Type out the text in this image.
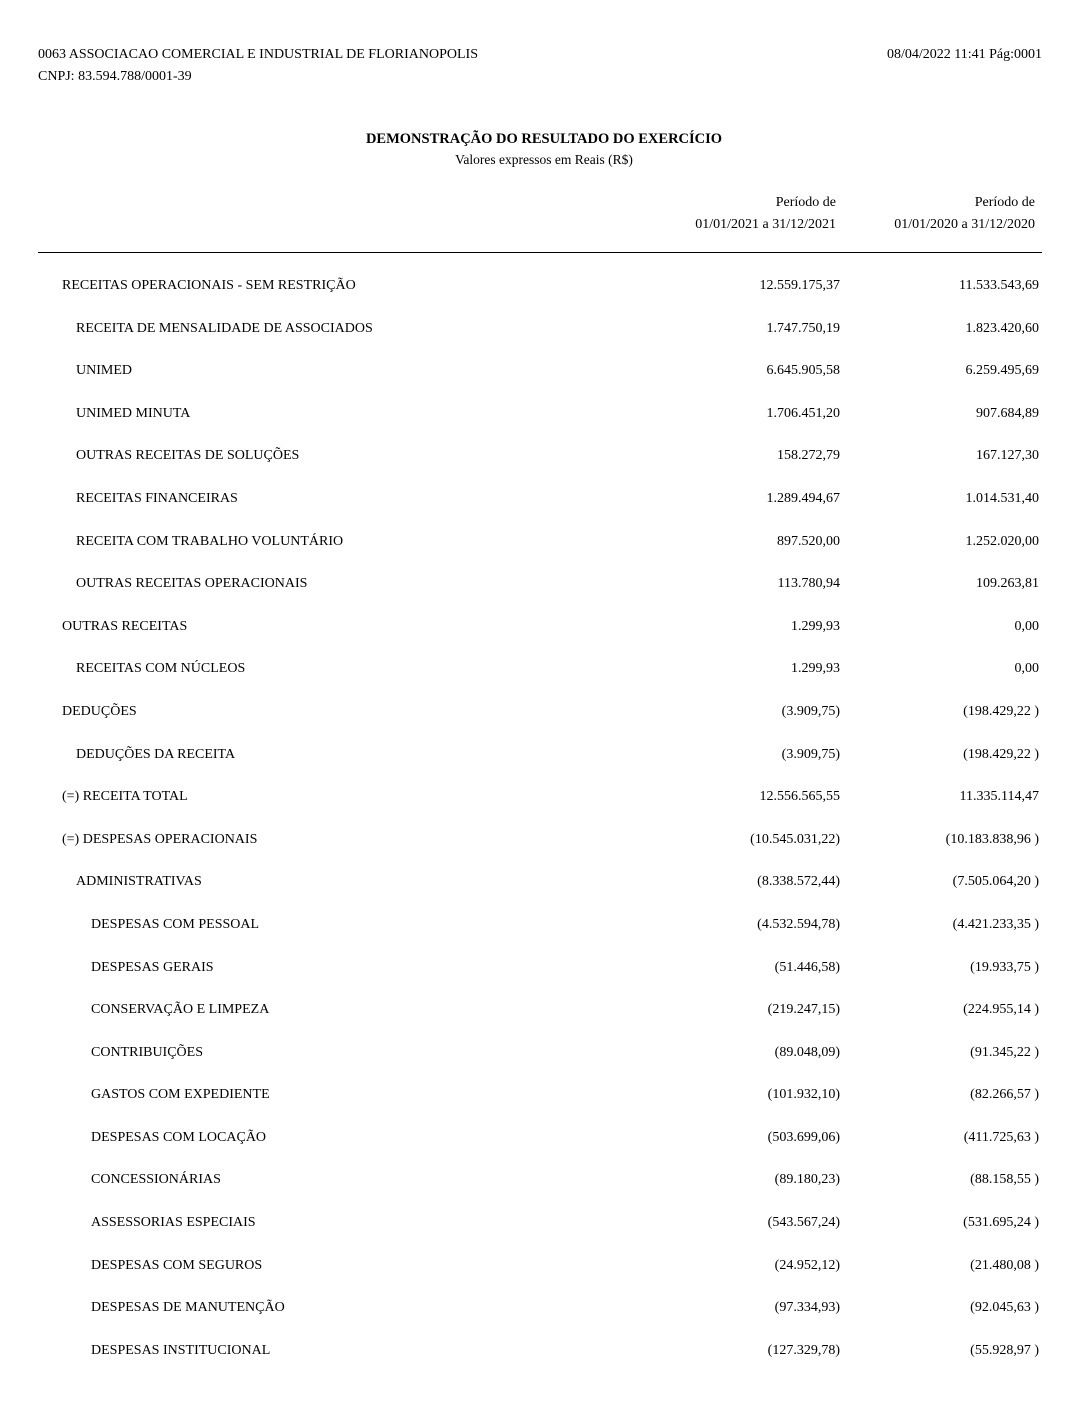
0063 ASSOCIACAO COMERCIAL E INDUSTRIAL DE FLORIANOPOLIS
CNPJ: 83.594.788/0001-39
08/04/2022 11:41 Pág:0001
DEMONSTRAÇÃO DO RESULTADO DO EXERCÍCIO
Valores expressos em Reais (R$)
Período de
01/01/2021 a 31/12/2021
Período de
01/01/2020 a 31/12/2020
RECEITAS OPERACIONAIS - SEM RESTRIÇÃO	12.559.175,37	11.533.543,69
RECEITA DE MENSALIDADE DE ASSOCIADOS	1.747.750,19	1.823.420,60
UNIMED	6.645.905,58	6.259.495,69
UNIMED MINUTA	1.706.451,20	907.684,89
OUTRAS RECEITAS DE SOLUÇÕES	158.272,79	167.127,30
RECEITAS FINANCEIRAS	1.289.494,67	1.014.531,40
RECEITA COM TRABALHO VOLUNTÁRIO	897.520,00	1.252.020,00
OUTRAS RECEITAS OPERACIONAIS	113.780,94	109.263,81
OUTRAS RECEITAS	1.299,93	0,00
RECEITAS COM NÚCLEOS	1.299,93	0,00
DEDUÇÕES	(3.909,75)	(198.429,22 )
DEDUÇÕES DA RECEITA	(3.909,75)	(198.429,22 )
(=) RECEITA TOTAL	12.556.565,55	11.335.114,47
(=) DESPESAS OPERACIONAIS	(10.545.031,22)	(10.183.838,96 )
ADMINISTRATIVAS	(8.338.572,44)	(7.505.064,20 )
DESPESAS COM PESSOAL	(4.532.594,78)	(4.421.233,35 )
DESPESAS GERAIS	(51.446,58)	(19.933,75 )
CONSERVAÇÃO E LIMPEZA	(219.247,15)	(224.955,14 )
CONTRIBUIÇÕES	(89.048,09)	(91.345,22 )
GASTOS COM EXPEDIENTE	(101.932,10)	(82.266,57 )
DESPESAS COM LOCAÇÃO	(503.699,06)	(411.725,63 )
CONCESSIONÁRIAS	(89.180,23)	(88.158,55 )
ASSESSORIAS ESPECIAIS	(543.567,24)	(531.695,24 )
DESPESAS COM SEGUROS	(24.952,12)	(21.480,08 )
DESPESAS DE MANUTENÇÃO	(97.334,93)	(92.045,63 )
DESPESAS INSTITUCIONAL	(127.329,78)	(55.928,97 )
